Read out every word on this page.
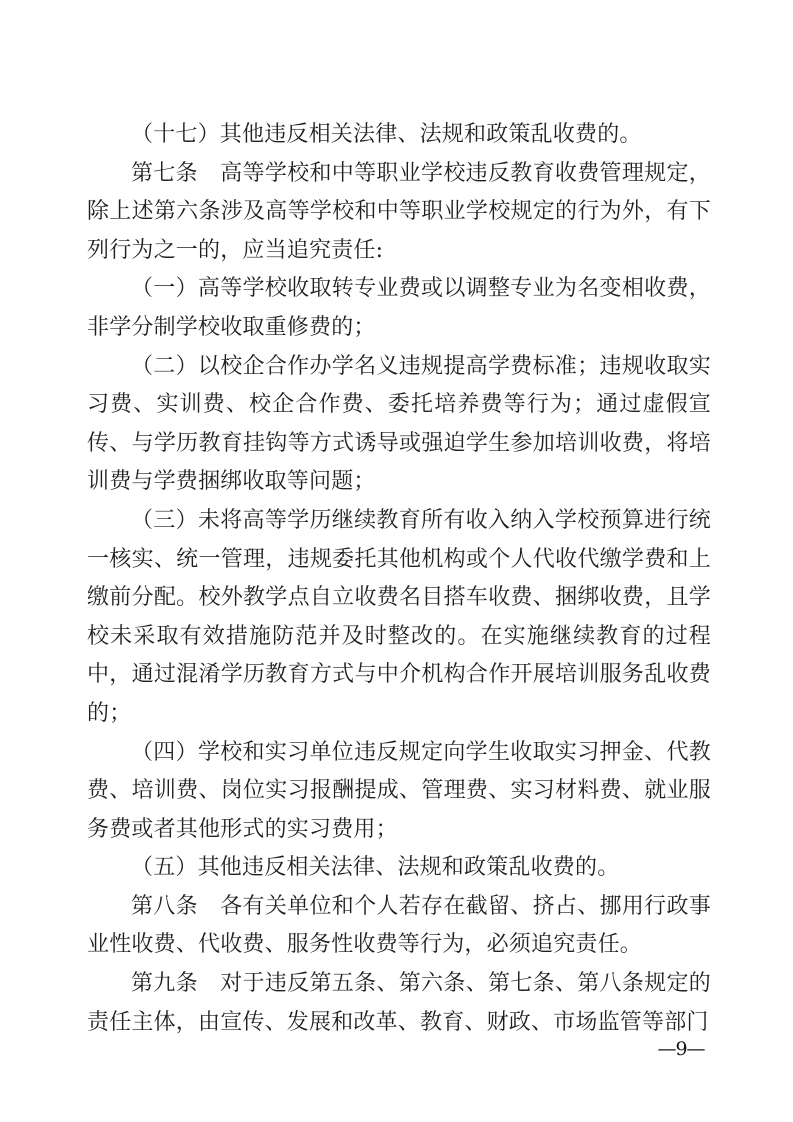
（十七）其他违反相关法律、法规和政策乱收费的。

第七条　高等学校和中等职业学校违反教育收费管理规定，除上述第六条涉及高等学校和中等职业学校规定的行为外，有下列行为之一的，应当追究责任:

（一）高等学校收取转专业费或以调整专业为名变相收费，非学分制学校收取重修费的；

（二）以校企合作办学名义违规提高学费标准；违规收取实习费、实训费、校企合作费、委托培养费等行为；通过虚假宣传、与学历教育挂钩等方式诱导或强迫学生参加培训收费，将培训费与学费捆绑收取等问题；

（三）未将高等学历继续教育所有收入纳入学校预算进行统一核实、统一管理，违规委托其他机构或个人代收代缴学费和上缴前分配。校外教学点自立收费名目搭车收费、捆绑收费，且学校未采取有效措施防范并及时整改的。在实施继续教育的过程中，通过混淆学历教育方式与中介机构合作开展培训服务乱收费的；

（四）学校和实习单位违反规定向学生收取实习押金、代教费、培训费、岗位实习报酬提成、管理费、实习材料费、就业服务费或者其他形式的实习费用；

（五）其他违反相关法律、法规和政策乱收费的。

第八条　各有关单位和个人若存在截留、挤占、挪用行政事业性收费、代收费、服务性收费等行为，必须追究责任。

第九条　对于违反第五条、第六条、第七条、第八条规定的责任主体，由宣传、发展和改革、教育、财政、市场监管等部门

—9—
